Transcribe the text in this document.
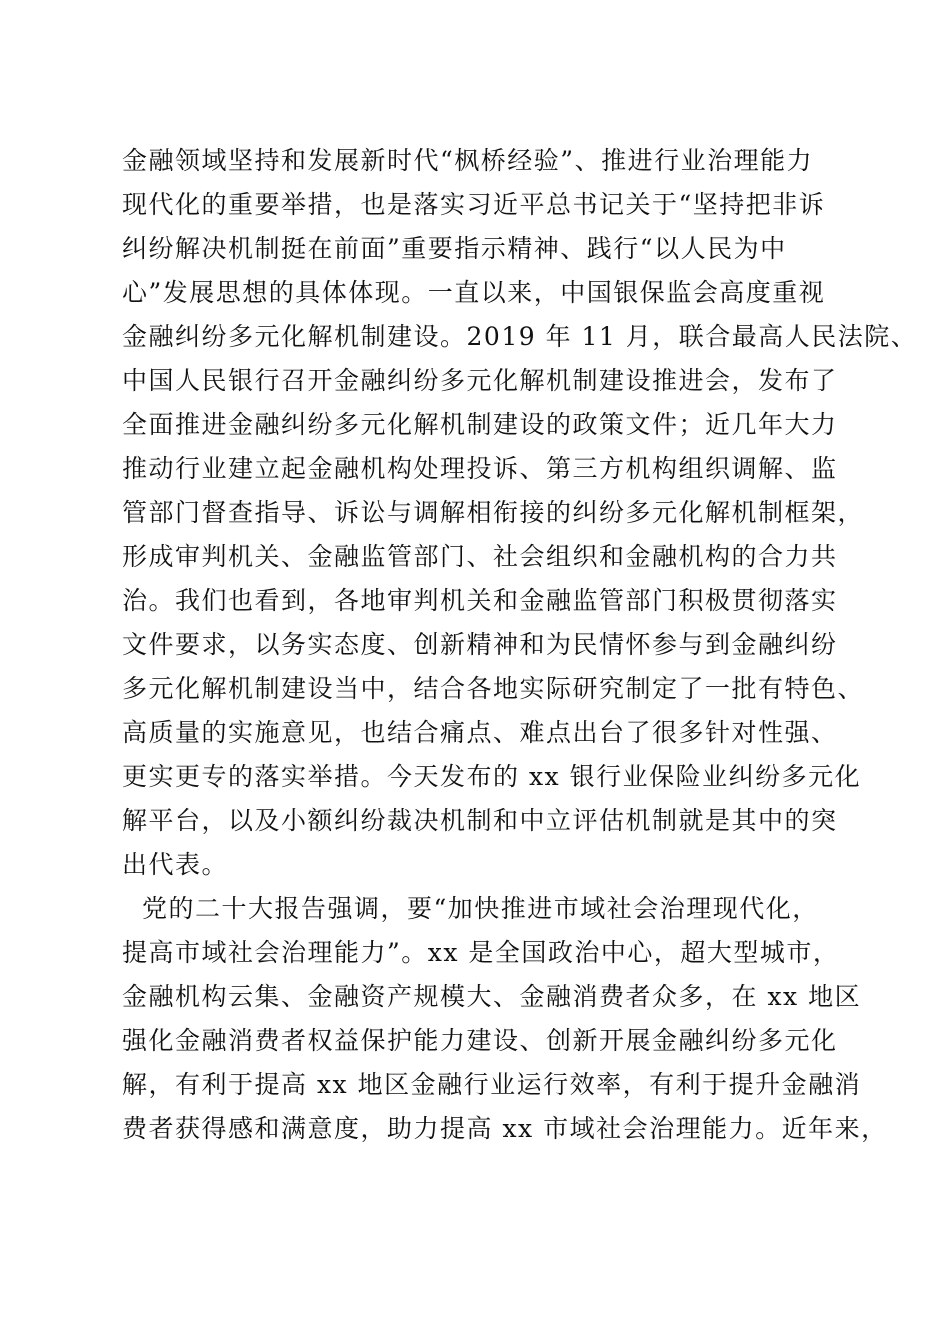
金融领域坚持和发展新时代“枫桥经验”、推进行业治理能力
现代化的重要举措，也是落实习近平总书记关于“坚持把非诉
纠纷解决机制挺在前面”重要指示精神、践行“以人民为中
心”发展思想的具体体现。一直以来，中国银保监会高度重视
金融纠纷多元化解机制建设。2019 年 11 月，联合最高人民法院、
中国人民银行召开金融纠纷多元化解机制建设推进会，发布了
全面推进金融纠纷多元化解机制建设的政策文件；近几年大力
推动行业建立起金融机构处理投诉、第三方机构组织调解、监
管部门督查指导、诉讼与调解相衔接的纠纷多元化解机制框架，
形成审判机关、金融监管部门、社会组织和金融机构的合力共
治。我们也看到，各地审判机关和金融监管部门积极贯彻落实
文件要求，以务实态度、创新精神和为民情怀参与到金融纠纷
多元化解机制建设当中，结合各地实际研究制定了一批有特色、
高质量的实施意见，也结合痛点、难点出台了很多针对性强、
更实更专的落实举措。今天发布的 xx 银行业保险业纠纷多元化
解平台，以及小额纠纷裁决机制和中立评估机制就是其中的突
出代表。
党的二十大报告强调，要“加快推进市域社会治理现代化，
提高市域社会治理能力”。xx 是全国政治中心，超大型城市，
金融机构云集、金融资产规模大、金融消费者众多，在 xx 地区
强化金融消费者权益保护能力建设、创新开展金融纠纷多元化
解，有利于提高 xx 地区金融行业运行效率，有利于提升金融消
费者获得感和满意度，助力提高 xx 市域社会治理能力。近年来，
